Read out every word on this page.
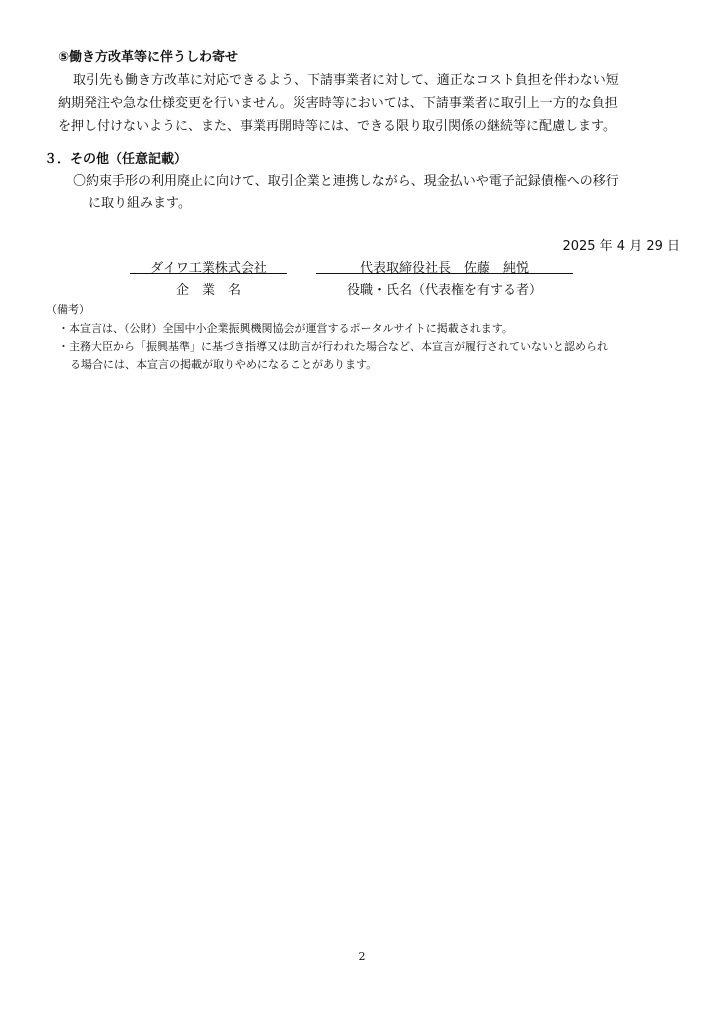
⑤働き方改革等に伴うしわ寄せ
取引先も働き方改革に対応できるよう、下請事業者に対して、適正なコスト負担を伴わない短
納期発注や急な仕様変更を行いません。災害時等においては、下請事業者に取引上一方的な負担
を押し付けないように、また、事業再開時等には、できる限り取引関係の継続等に配慮します。
３．その他（任意記載）
〇約束手形の利用廃止に向けて、取引企業と連携しながら、現金払いや電子記録債権への移行
に取り組みます。
2025 年 4 月 29 日
ダイワ工業株式会社	代表取締役社長　佐藤　純悦
企　業　名	役職・氏名（代表権を有する者）
（備考）
・本宣言は、（公財）全国中小企業振興機関協会が運営するポータルサイトに掲載されます。
・主務大臣から「振興基準」に基づき指導又は助言が行われた場合など、本宣言が履行されていないと認められ
る場合には、本宣言の掲載が取りやめになることがあります。
2
